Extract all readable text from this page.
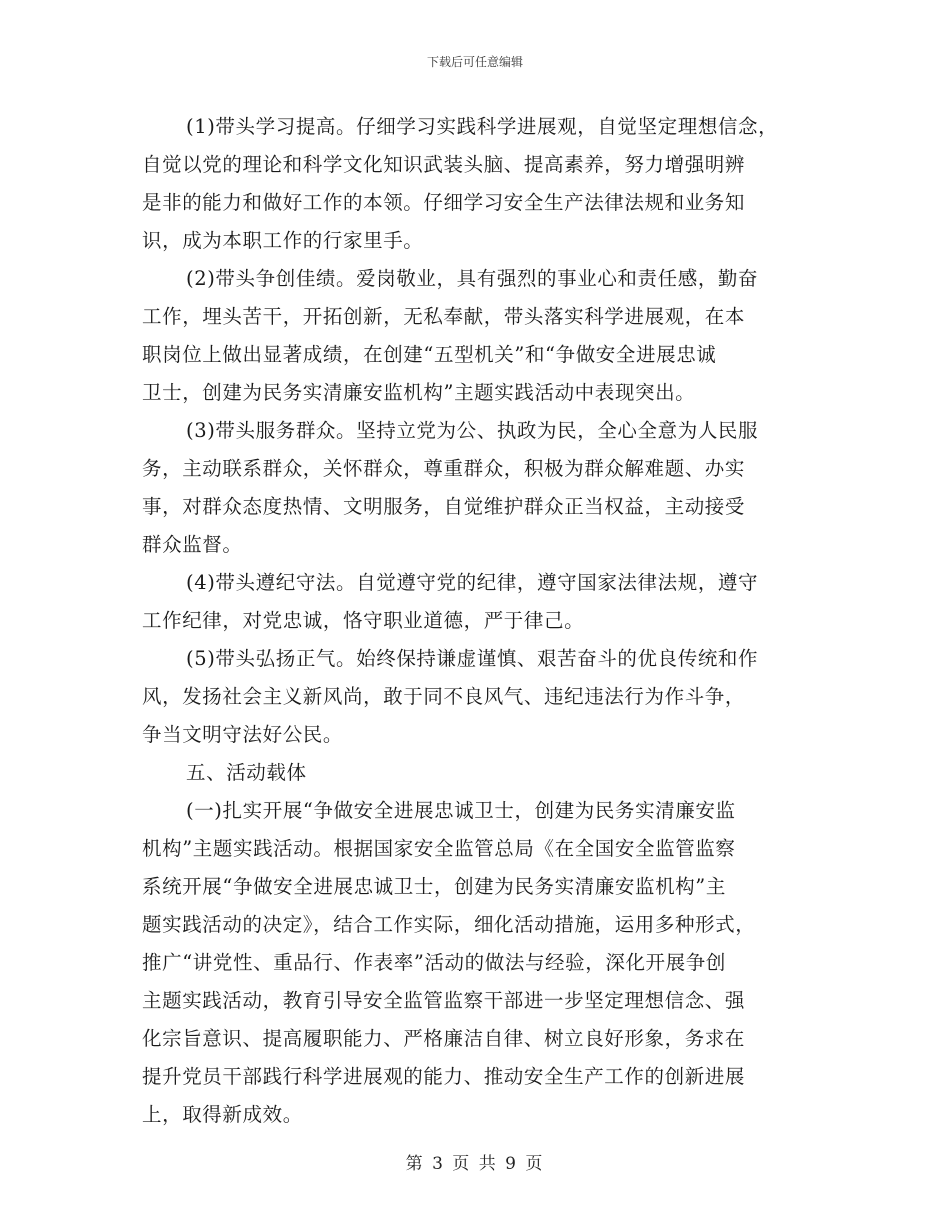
下载后可任意编辑
(1)带头学习提高。仔细学习实践科学进展观，自觉坚定理想信念，
自觉以党的理论和科学文化知识武装头脑、提高素养，努力增强明辨
是非的能力和做好工作的本领。仔细学习安全生产法律法规和业务知
识，成为本职工作的行家里手。
(2)带头争创佳绩。爱岗敬业，具有强烈的事业心和责任感，勤奋
工作，埋头苦干，开拓创新，无私奉献，带头落实科学进展观，在本
职岗位上做出显著成绩，在创建“五型机关”和“争做安全进展忠诚
卫士，创建为民务实清廉安监机构”主题实践活动中表现突出。
(3)带头服务群众。坚持立党为公、执政为民，全心全意为人民服
务，主动联系群众，关怀群众，尊重群众，积极为群众解难题、办实
事，对群众态度热情、文明服务，自觉维护群众正当权益，主动接受
群众监督。
(4)带头遵纪守法。自觉遵守党的纪律，遵守国家法律法规，遵守
工作纪律，对党忠诚，恪守职业道德，严于律己。
(5)带头弘扬正气。始终保持谦虚谨慎、艰苦奋斗的优良传统和作
风，发扬社会主义新风尚，敢于同不良风气、违纪违法行为作斗争，
争当文明守法好公民。
五、活动载体
(一)扎实开展“争做安全进展忠诚卫士，创建为民务实清廉安监
机构”主题实践活动。根据国家安全监管总局《在全国安全监管监察
系统开展“争做安全进展忠诚卫士，创建为民务实清廉安监机构”主
题实践活动的决定》，结合工作实际，细化活动措施，运用多种形式，
推广“讲党性、重品行、作表率”活动的做法与经验，深化开展争创
主题实践活动，教育引导安全监管监察干部进一步坚定理想信念、强
化宗旨意识、提高履职能力、严格廉洁自律、树立良好形象，务求在
提升党员干部践行科学进展观的能力、推动安全生产工作的创新进展
上，取得新成效。
第 3 页 共 9 页
